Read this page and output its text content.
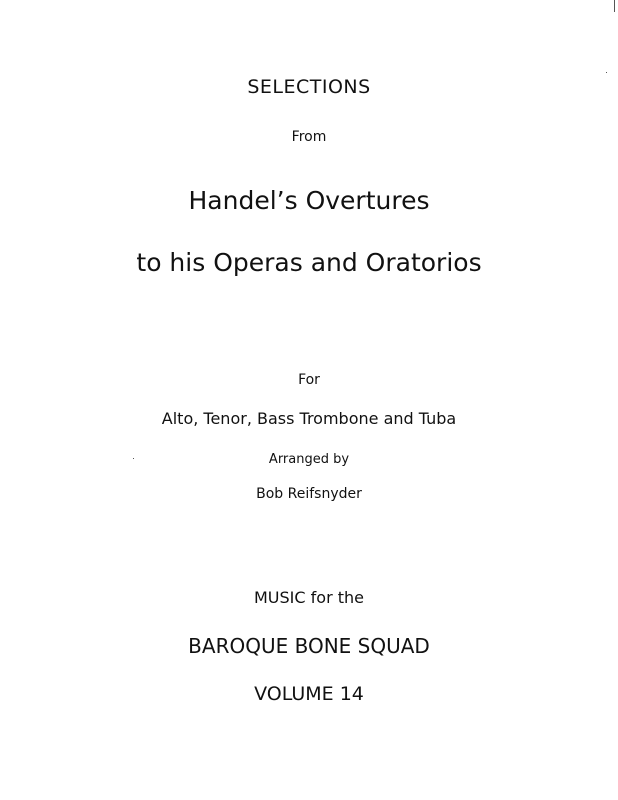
SELECTIONS
From
Handel’s Overtures
to his Operas and Oratorios
For
Alto, Tenor, Bass Trombone and Tuba
Arranged by
Bob Reifsnyder
MUSIC for the
BAROQUE BONE SQUAD
VOLUME 14
